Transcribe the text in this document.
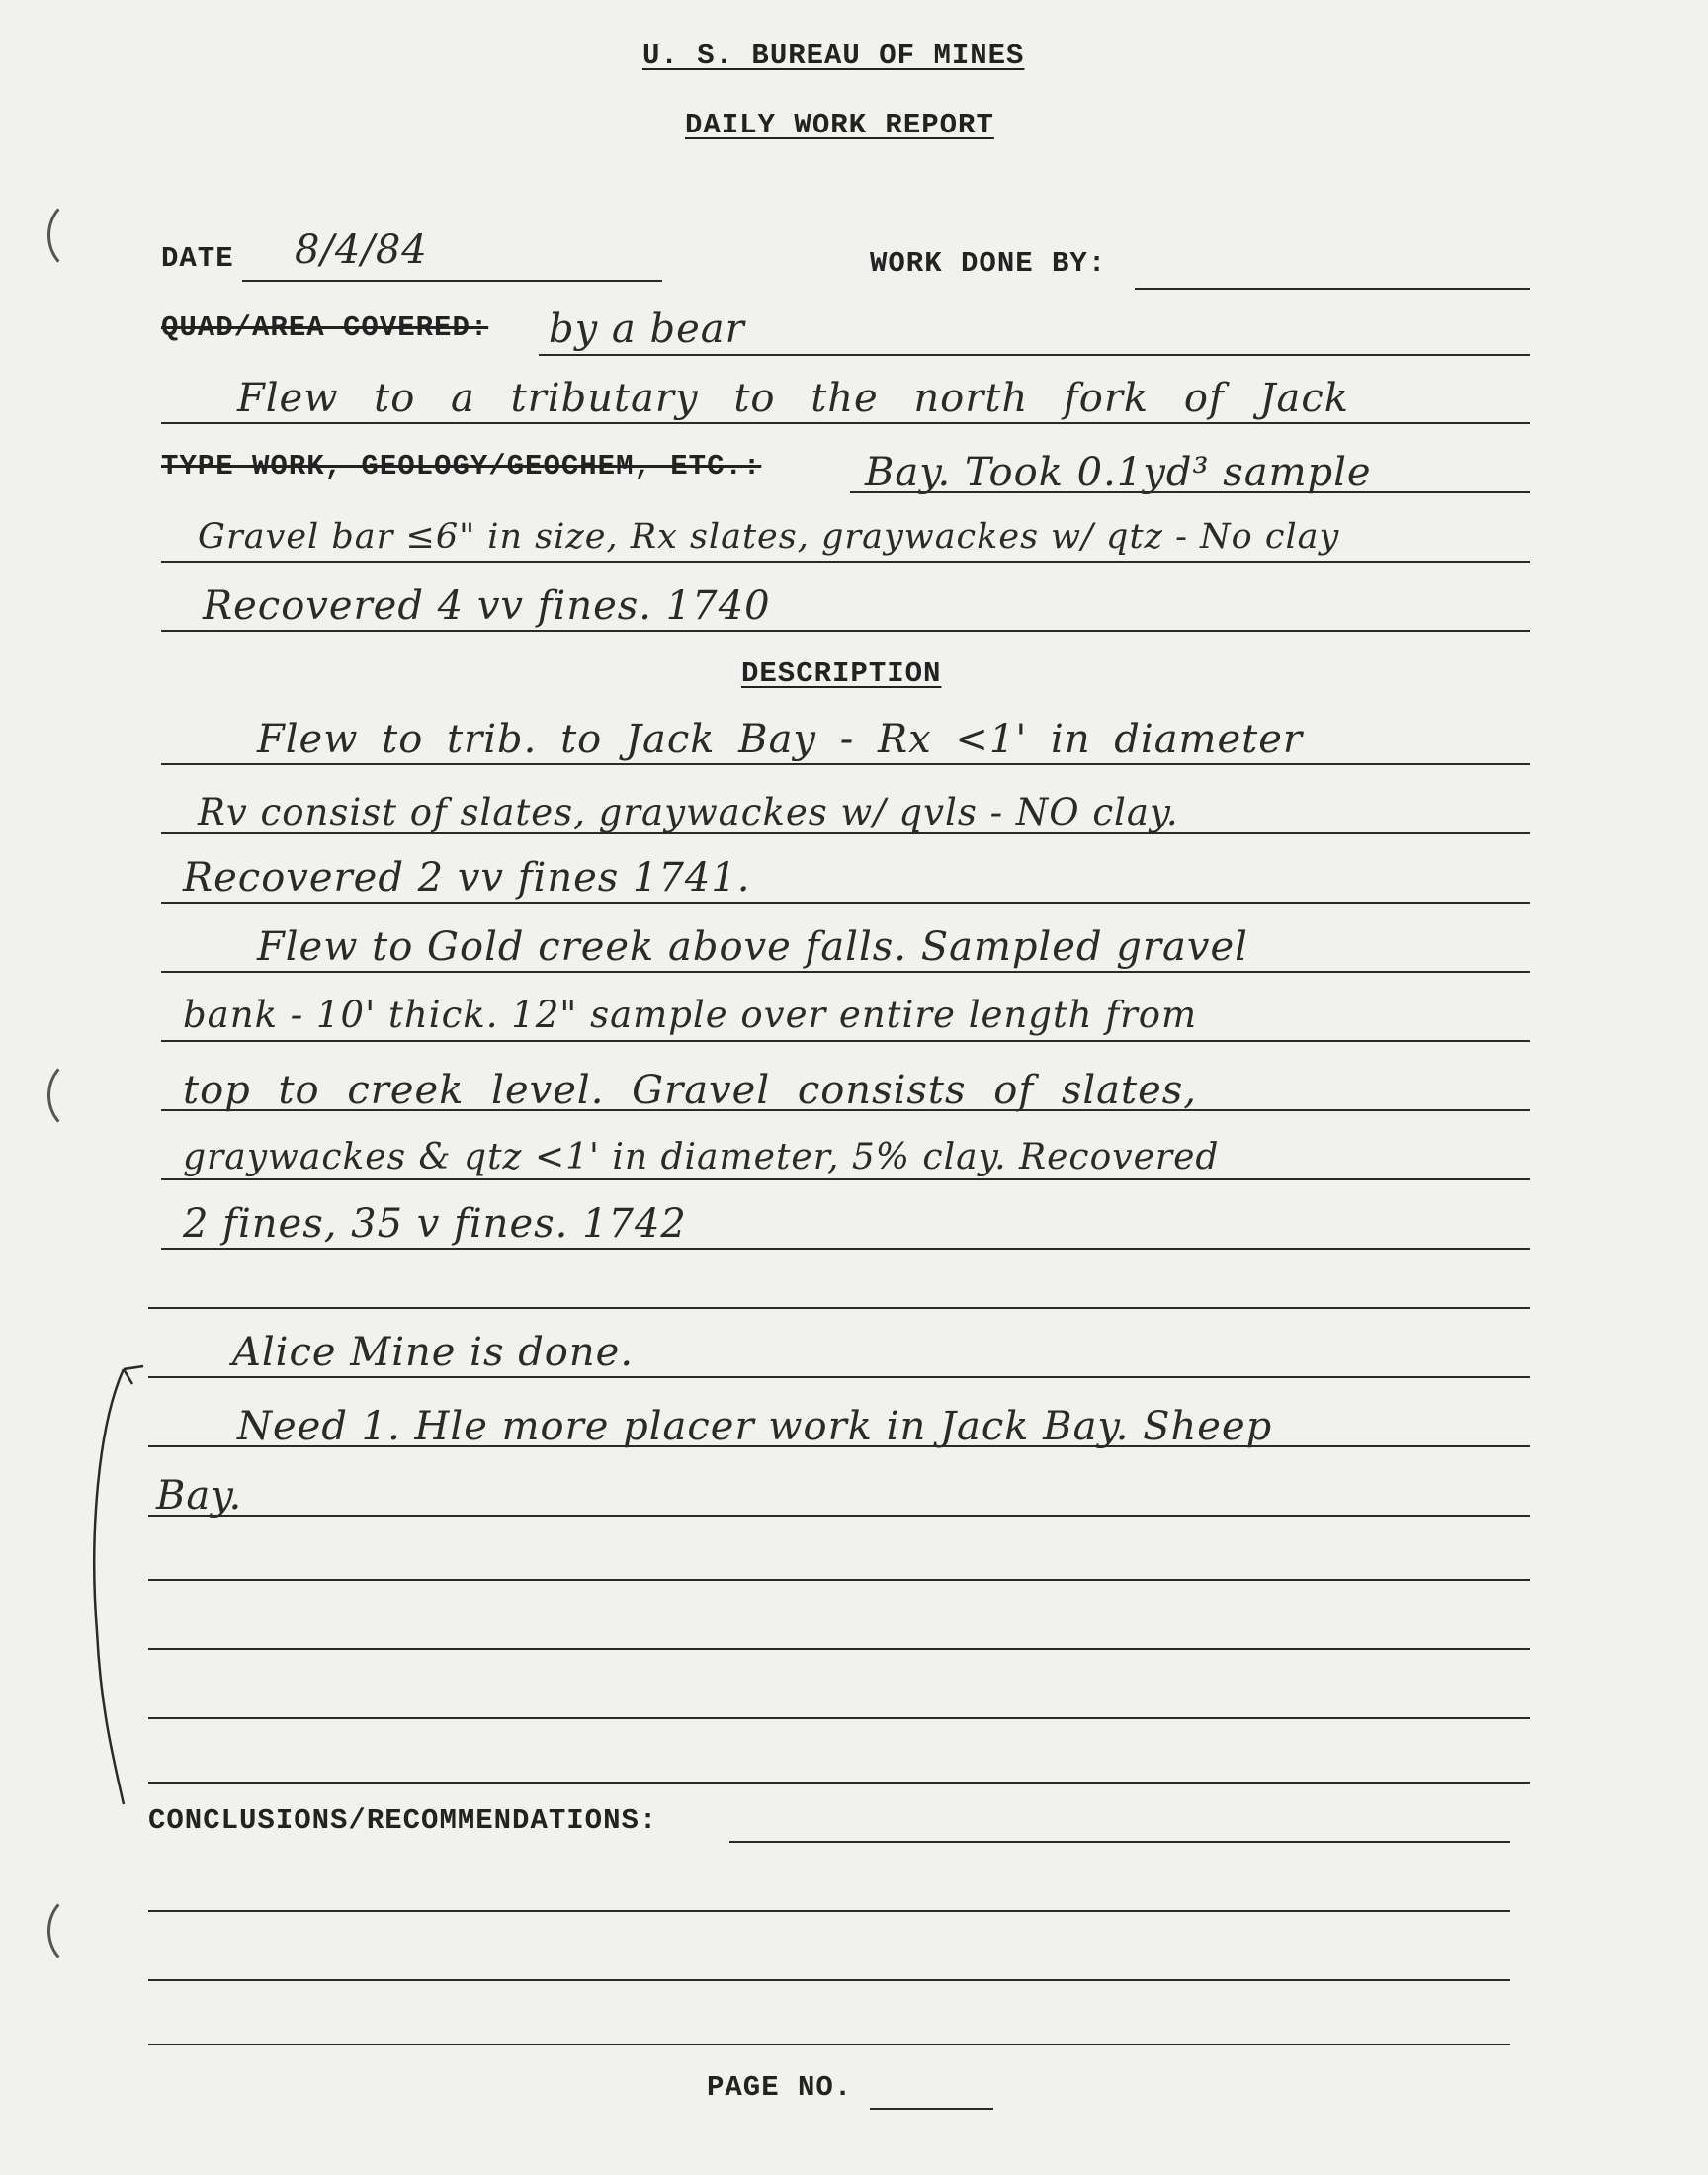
U. S. BUREAU OF MINES
DAILY WORK REPORT
DATE 8/4/84	WORK DONE BY:
QUAD/AREA COVERED: by a bear
Flew to a tributary to the north fork of Jack
TYPE WORK, GEOLOGY/GEOCHEM, ETC.:	Bay. Took 0.1yd³ sample
Gravel bar ≤6" in size, Rx slates, graywackes w/ qtz - No clay
Recovered 4 vv fines. 1740
DESCRIPTION
Flew to trib. to Jack Bay - Rx <1' in diameter
Rv consist of slates, graywackes w/ qvls - NO clay.
Recovered 2 vv fines 1741.
Flew to Gold creek above falls. Sampled gravel
bank - 10' thick. 12" sample over entire length from
top to creek level. Gravel consists of slates,
graywackes & qtz <1' in diameter, 5% clay. Recovered
2 fines, 35 v fines. 1742
Alice Mine is done.
Need 1. Hle more placer work in Jack Bay. Sheep
Bay.
CONCLUSIONS/RECOMMENDATIONS:
PAGE NO.
